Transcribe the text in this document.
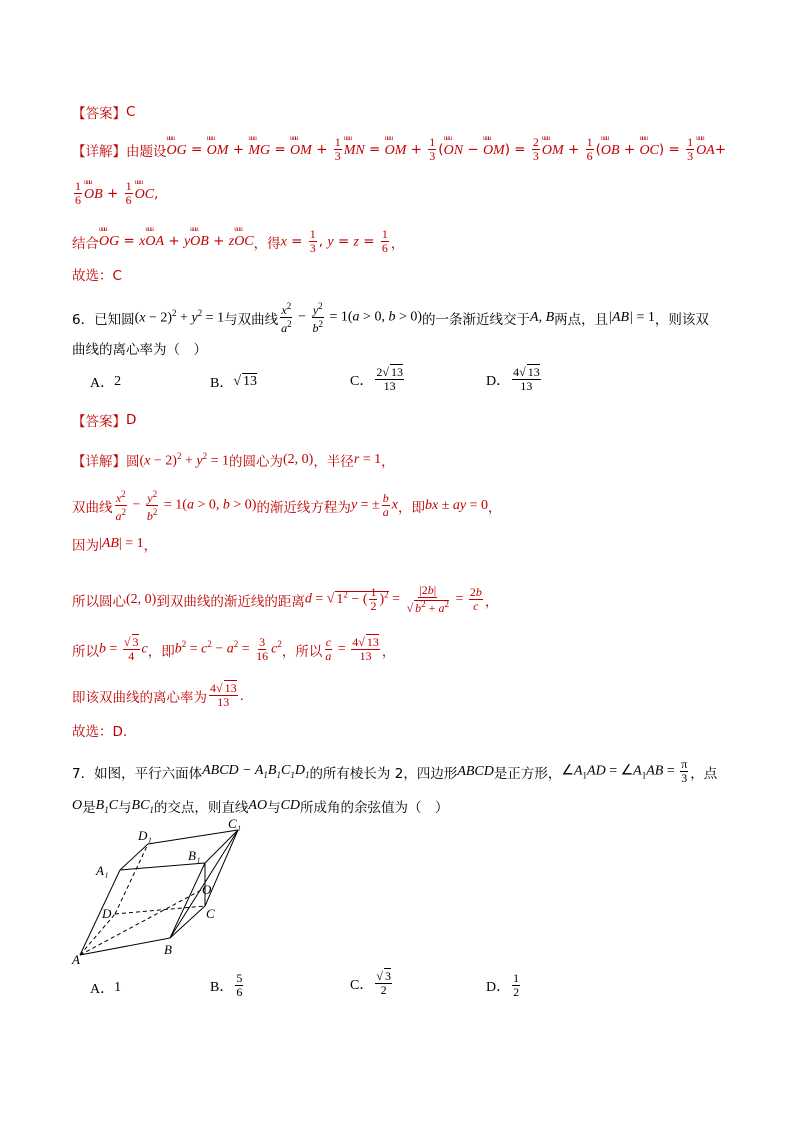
【答案】 C
【详解】 由题设 uuu OG = uuu OM + uuu MG = uuu OM + $\frac{1}{3}$ uuu MN = uuu OM + $\frac{1}{3} (uuu$ ON − uuu $OM) = \frac{2}{3}$ uuu OM + $\frac{1}{6} (uuu$ OB + uuu $OC) = \frac{1}{3}$ uuu OA+
$\frac{1}{6}$ uuu OB + $\frac{1}{6}$ uuu OC ,
结合 uuu OG = xuuu OA + yuuu OB + zuuu OC ，得 $x = \frac{1}{3}$ , $y = z = \frac{1}{6}$ ，
故选：C
6． 已知圆 $(x - 2)^2 + y^2 = 1$ 与双曲线 $\frac{x^2}{a^2} - \frac{y^2}{b^2} = 1(a > 0$, b > 0) 的一条渐近线交于 A, B 两点，且 |AB| = 1 ，则该双
曲线的离心率为（　）
A． 2	B． √ 13	C． $\frac{2√ 13}{13}$	D． $\frac{4√ 13}{13}$
【答案】 D
【详解】 圆 $(x - 2)^2 + y^2 = 1$ 的圆心为 (2, 0) ，半径 r = 1 ，
双曲线 $\frac{x^2}{a^2} - \frac{y^2}{b^2} = 1(a > 0$, b > 0) 的渐近线方程为 y = ± $\frac{b}{a}$ x ，即 bx ± ay = 0 ，
因为 |AB| = 1 ，
所以圆心 (2, 0) 到双曲线的渐近线的距离 d = √ $1^2$ − ( $\frac{1}{2} )^2 = \frac{|2b|}{√ b^2 + a^2} = \frac{2b}{c}$ ，
所以 $b = \frac{√ 3}{4}$ c ，即 $b^2 = c^2 - a^2 = \frac{3}{16} c^2$ ，所以 $\frac{c}{a} = \frac{4√ 13}{13}$ ，
即该双曲线的离心率为 $\frac{4√ 13}{13}$ .
故选：D.
7． 如图，平行六面体 ABCD − $A_1B_1C_1D_1$ 的所有棱长为 2，四边形 ABCD 是正方形， $\angle A_1AD$ = $\angle A_1AB = \frac{\pi}{3}$ ，点
O 是 $B_1C$ 与 $BC_1$ 的交点，则直线 AO 与 CD 所成角的余弦值为（　）
D₁
C₁
A₁
B₁
O
D	C
A
B
A． 1	B． $\frac{5}{6}$	C． $\frac{√ 3}{2}$	D． $\frac{1}{2}$
